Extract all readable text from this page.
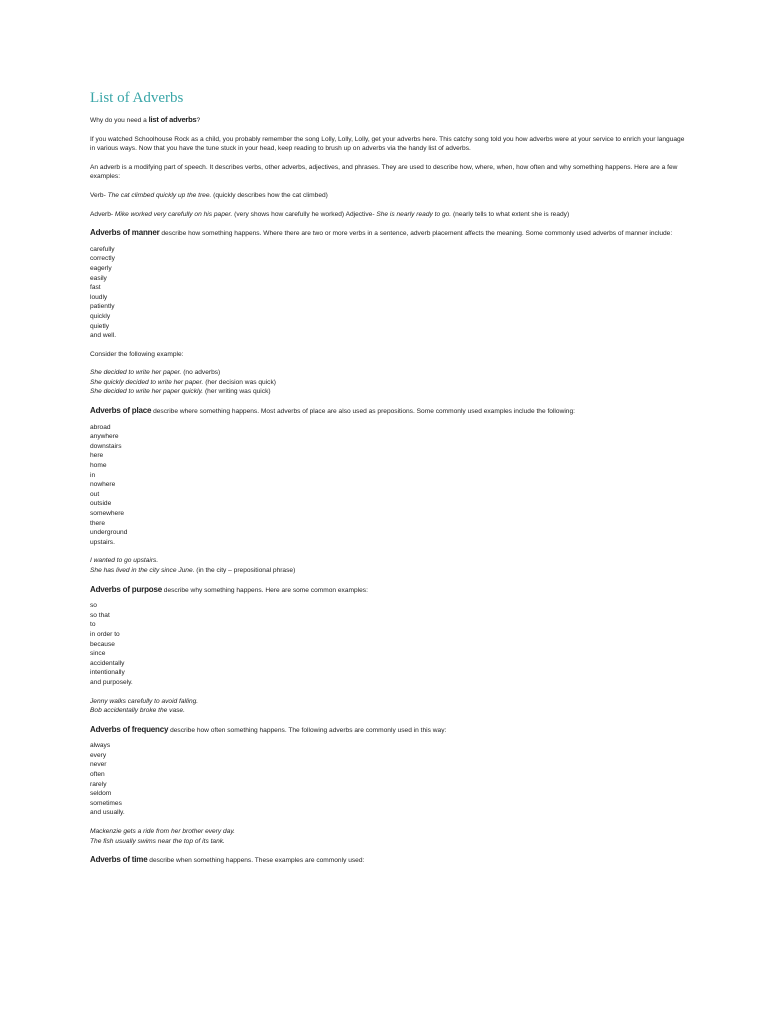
List of Adverbs

Why do you need a list of adverbs?

If you watched Schoolhouse Rock as a child, you probably remember the song Lolly, Lolly, Lolly, get your adverbs here. This catchy song told you how adverbs were at your service to enrich your language in various ways. Now that you have the tune stuck in your head, keep reading to brush up on adverbs via the handy list of adverbs.

An adverb is a modifying part of speech. It describes verbs, other adverbs, adjectives, and phrases. They are used to describe how, where, when, how often and why something happens. Here are a few examples:

Verb- The cat climbed quickly up the tree. (quickly describes how the cat climbed)

Adverb- Mike worked very carefully on his paper. (very shows how carefully he worked) Adjective- She is nearly ready to go. (nearly tells to what extent she is ready)

Adverbs of manner describe how something happens. Where there are two or more verbs in a sentence, adverb placement affects the meaning. Some commonly used adverbs of manner include:

carefully
correctly
eagerly
easily
fast
loudly
patiently
quickly
quietly
and well.

Consider the following example:

She decided to write her paper. (no adverbs)
She quickly decided to write her paper. (her decision was quick)
She decided to write her paper quickly. (her writing was quick)

Adverbs of place describe where something happens. Most adverbs of place are also used as prepositions. Some commonly used examples include the following:

abroad
anywhere
downstairs
here
home
in
nowhere
out
outside
somewhere
there
underground
upstairs.
I wanted to go upstairs.
She has lived in the city since June. (in the city – prepositional phrase)

Adverbs of purpose describe why something happens. Here are some common examples:

so
so that
to
in order to
because
since
accidentally
intentionally
and purposely.
Jenny walks carefully to avoid falling.
Bob accidentally broke the vase.

Adverbs of frequency describe how often something happens. The following adverbs are commonly used in this way:

always
every
never
often
rarely
seldom
sometimes
and usually.
Mackenzie gets a ride from her brother every day.
The fish usually swims near the top of its tank.

Adverbs of time describe when something happens. These examples are commonly used:
